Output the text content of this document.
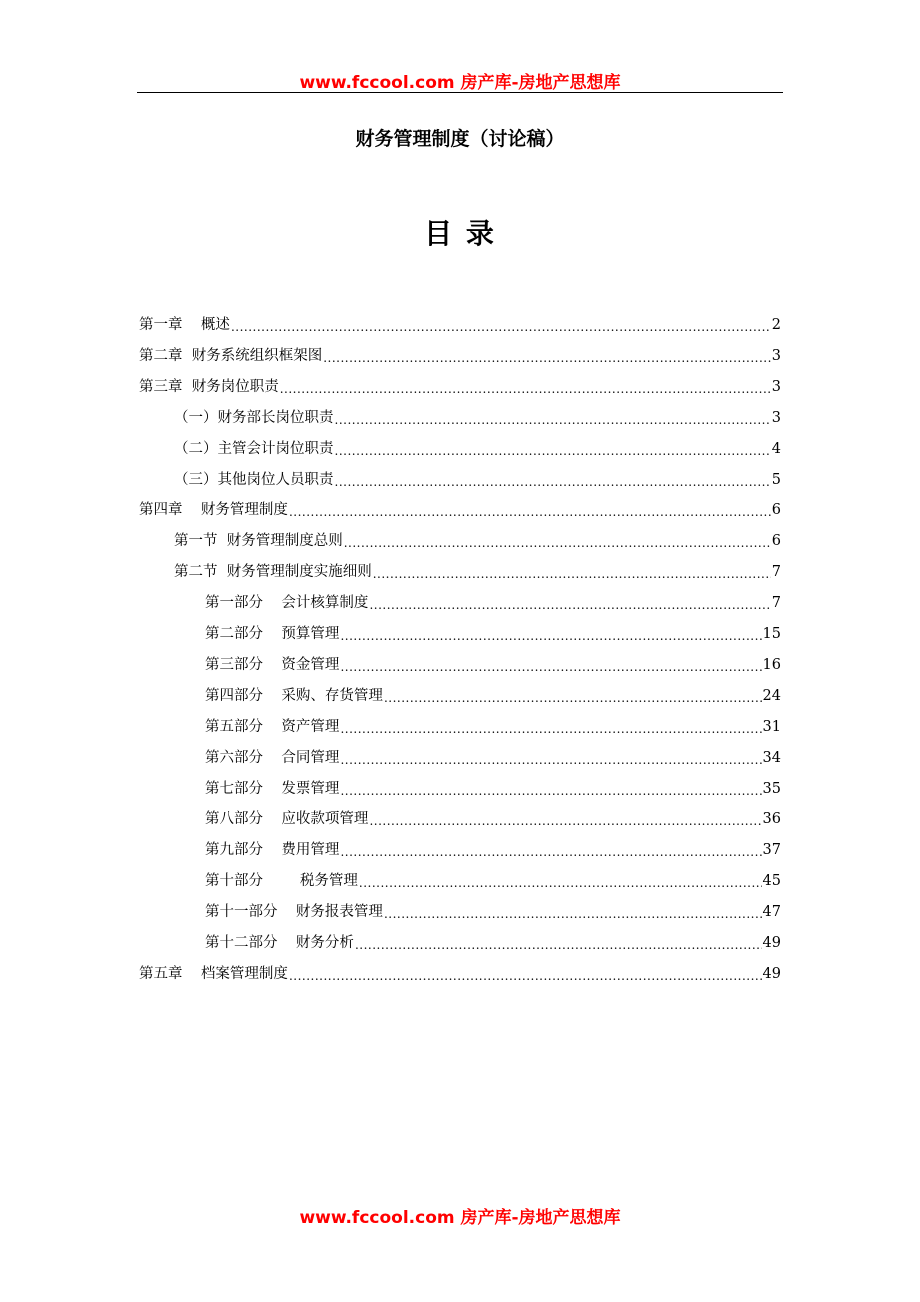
www.fccool.com 房产库-房地产思想库
财务管理制度（讨论稿）
目 录
第一章    概述 .....	2
第二章  财务系统组织框架图 .....	3
第三章  财务岗位职责 .....	3
（一）财务部长岗位职责 .....	3
（二）主管会计岗位职责 .....	4
（三）其他岗位人员职责 .....	5
第四章    财务管理制度 .....	6
第一节  财务管理制度总则 .....	6
第二节  财务管理制度实施细则 .....	7
第一部分    会计核算制度 .....	7
第二部分    预算管理 .....	15
第三部分    资金管理 .....	16
第四部分    采购、存货管理 .....	24
第五部分    资产管理 .....	31
第六部分    合同管理 .....	34
第七部分    发票管理 .....	35
第八部分    应收款项管理 .....	36
第九部分    费用管理 .....	37
第十部分        税务管理 .....	45
第十一部分    财务报表管理 .....	47
第十二部分    财务分析 .....	49
第五章    档案管理制度 .....	49
www.fccool.com 房产库-房地产思想库
